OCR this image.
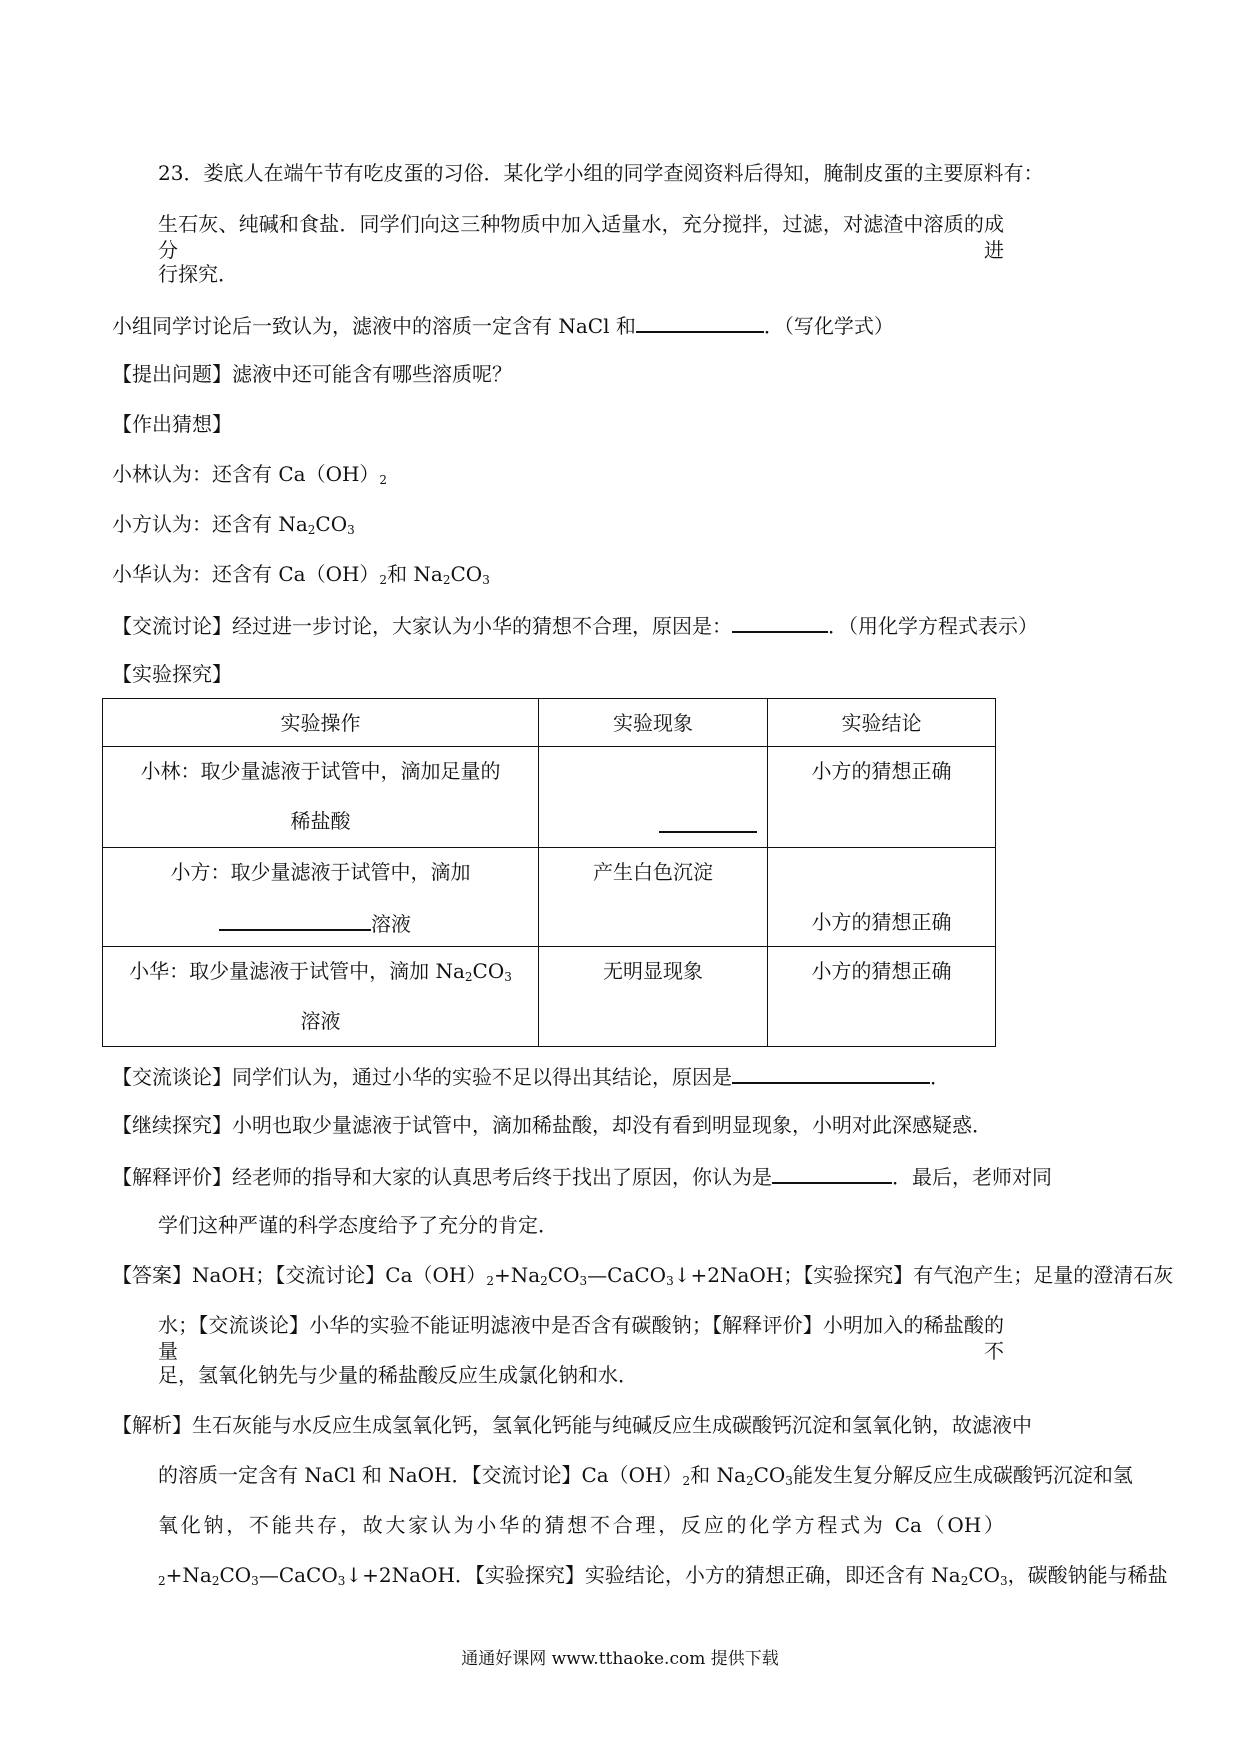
23．娄底人在端午节有吃皮蛋的习俗．某化学小组的同学查阅资料后得知，腌制皮蛋的主要原料有：
生石灰、纯碱和食盐．同学们向这三种物质中加入适量水，充分搅拌，过滤，对滤渣中溶质的成分进
行探究．
小组同学讨论后一致认为，滤液中的溶质一定含有 NaCl 和	．（写化学式）
【提出问题】滤液中还可能含有哪些溶质呢？
【作出猜想】
小林认为：还含有 $Ca(OH)_2$
小方认为：还含有 $Na_2CO_3$
小华认为：还含有 $Ca(OH)_2$和 $Na_2CO_3$
【交流讨论】经过进一步讨论，大家认为小华的猜想不合理，原因是：	．（用化学方程式表示）
【实验探究】
实验操作	实验现象	实验结论

小林：取少量滤液于试管中，滴加足量的
稀盐酸		小方的猜想正确

小方：取少量滤液于试管中，滴加
溶液	产生白色沉淀	小方的猜想正确

小华：取少量滤液于试管中，滴加 $Na_2CO_3$
溶液	无明显现象	小方的猜想正确
【交流谈论】同学们认为，通过小华的实验不足以得出其结论，原因是	．
【继续探究】小明也取少量滤液于试管中，滴加稀盐酸，却没有看到明显现象，小明对此深感疑惑．
【解释评价】经老师的指导和大家的认真思考后终于找出了原因，你认为是	．最后，老师对同
学们这种严谨的科学态度给予了充分的肯定．
【答案】NaOH；【交流讨论】$Ca(OH)_2+Na_2CO_3—CaCO_3↓+2NaOH$；【实验探究】有气泡产生；足量的澄清石灰
水；【交流谈论】小华的实验不能证明滤液中是否含有碳酸钠；【解释评价】小明加入的稀盐酸的量不
足，氢氧化钠先与少量的稀盐酸反应生成氯化钠和水．
【解析】生石灰能与水反应生成氢氧化钙，氢氧化钙能与纯碱反应生成碳酸钙沉淀和氢氧化钠，故滤液中
的溶质一定含有 NaCl 和 NaOH．【交流讨论】$Ca(OH)_2$和 $Na_2CO_3$能发生复分解反应生成碳酸钙沉淀和氢
氧化钠，不能共存，故大家认为小华的猜想不合理，反应的化学方程式为 Ca（OH）
$_2+Na_2CO_3—CaCO_3↓+2NaOH$．【实验探究】实验结论，小方的猜想正确，即还含有 $Na_2CO_3$，碳酸钠能与稀盐
通通好课网 www.tthaoke.com 提供下载
